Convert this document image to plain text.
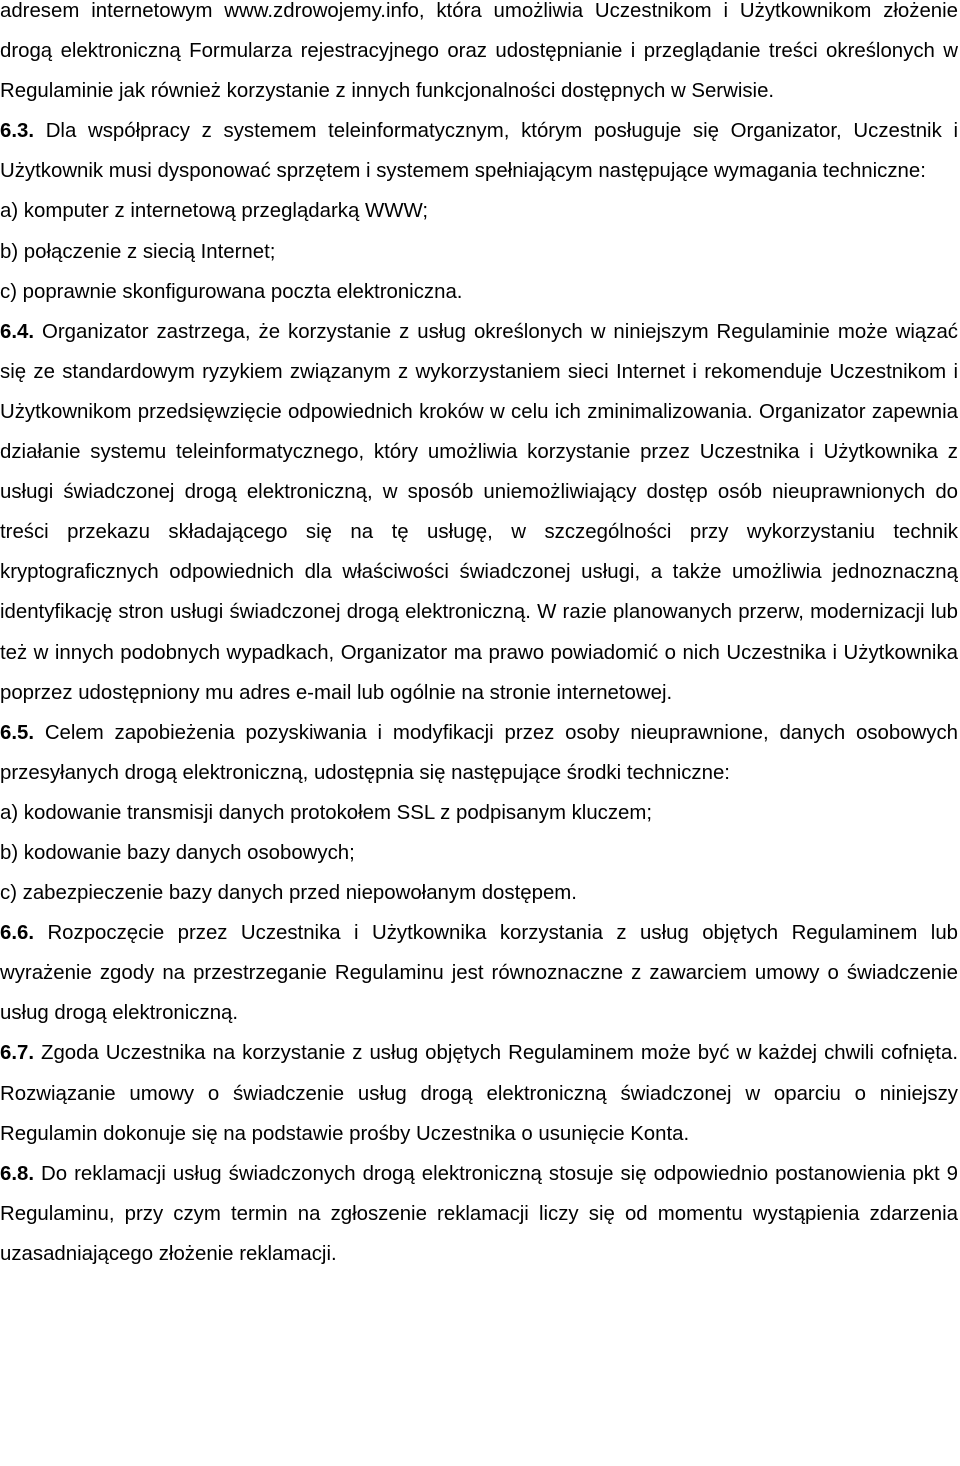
adresem internetowym www.zdrowojemy.info, która umożliwia Uczestnikom i Użytkownikom złożenie drogą elektroniczną Formularza rejestracyjnego oraz udostępnianie i przeglądanie treści określonych w Regulaminie jak również korzystanie z innych funkcjonalności dostępnych w Serwisie.

6.3. Dla współpracy z systemem teleinformatycznym, którym posługuje się Organizator, Uczestnik i Użytkownik musi dysponować sprzętem i systemem spełniającym następujące wymagania techniczne:

a) komputer z internetową przeglądarką WWW;
b) połączenie z siecią Internet;
c) poprawnie skonfigurowana poczta elektroniczna.

6.4. Organizator zastrzega, że korzystanie z usług określonych w niniejszym Regulaminie może wiązać się ze standardowym ryzykiem związanym z wykorzystaniem sieci Internet i rekomenduje Uczestnikom i Użytkownikom przedsięwzięcie odpowiednich kroków w celu ich zminimalizowania. Organizator zapewnia działanie systemu teleinformatycznego, który umożliwia korzystanie przez Uczestnika i Użytkownika z usługi świadczonej drogą elektroniczną, w sposób uniemożliwiający dostęp osób nieuprawnionych do treści przekazu składającego się na tę usługę, w szczególności przy wykorzystaniu technik kryptograficznych odpowiednich dla właściwości świadczonej usługi, a także umożliwia jednoznaczną identyfikację stron usługi świadczonej drogą elektroniczną. W razie planowanych przerw, modernizacji lub też w innych podobnych wypadkach, Organizator ma prawo powiadomić o nich Uczestnika i Użytkownika poprzez udostępniony mu adres e-mail lub ogólnie na stronie internetowej.

6.5. Celem zapobieżenia pozyskiwania i modyfikacji przez osoby nieuprawnione, danych osobowych przesyłanych drogą elektroniczną, udostępnia się następujące środki techniczne:

a) kodowanie transmisji danych protokołem SSL z podpisanym kluczem;
b) kodowanie bazy danych osobowych;
c) zabezpieczenie bazy danych przed niepowołanym dostępem.

6.6. Rozpoczęcie przez Uczestnika i Użytkownika korzystania z usług objętych Regulaminem lub wyrażenie zgody na przestrzeganie Regulaminu jest równoznaczne z zawarciem umowy o świadczenie usług drogą elektroniczną.

6.7. Zgoda Uczestnika na korzystanie z usług objętych Regulaminem może być w każdej chwili cofnięta. Rozwiązanie umowy o świadczenie usług drogą elektroniczną świadczonej w oparciu o niniejszy Regulamin dokonuje się na podstawie prośby Uczestnika o usunięcie Konta.

6.8. Do reklamacji usług świadczonych drogą elektroniczną stosuje się odpowiednio postanowienia pkt 9 Regulaminu, przy czym termin na zgłoszenie reklamacji liczy się od momentu wystąpienia zdarzenia uzasadniającego złożenie reklamacji.
